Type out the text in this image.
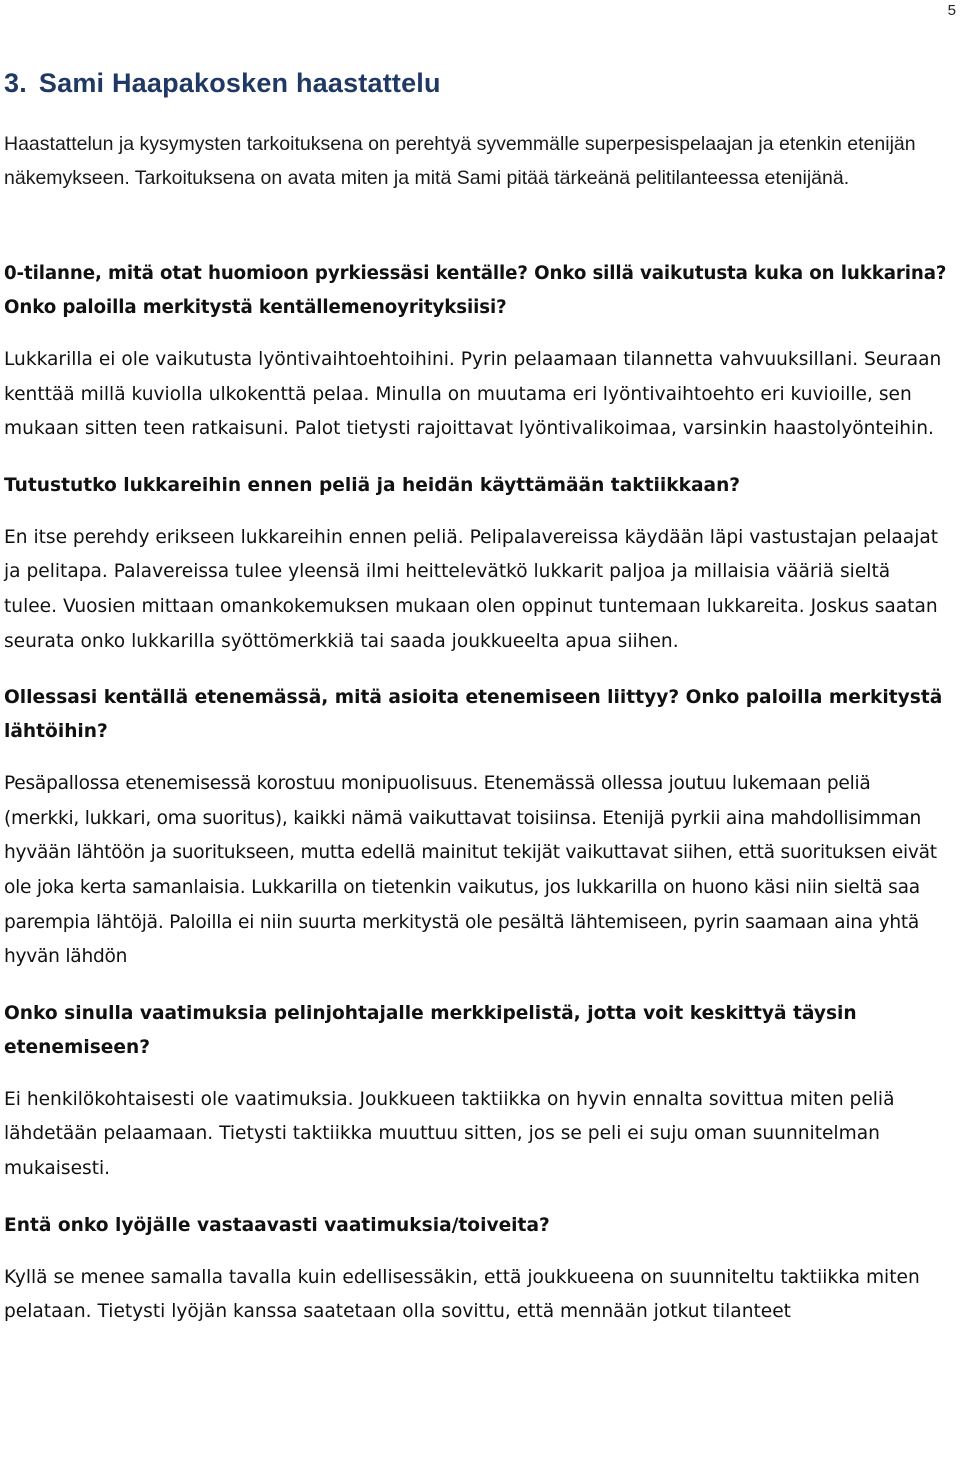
5
3. Sami Haapakosken haastattelu

Haastattelun ja kysymysten tarkoituksena on perehtyä syvemmälle superpesispelaajan ja etenkin etenijän näkemykseen. Tarkoituksena on avata miten ja mitä Sami pitää tärkeänä pelitilanteessa etenijänä.

0-tilanne, mitä otat huomioon pyrkiessäsi kentälle? Onko sillä vaikutusta kuka on lukkarina? Onko paloilla merkitystä kentällemenoyrityksiisi?

Lukkarilla ei ole vaikutusta lyöntivaihtoehtoihini. Pyrin pelaamaan tilannetta vahvuuksillani. Seuraan kenttää millä kuviolla ulkokenttä pelaa. Minulla on muutama eri lyöntivaihtoehto eri kuvioille, sen mukaan sitten teen ratkaisuni. Palot tietysti rajoittavat lyöntivalikoimaa, varsinkin haastolyönteihin.

Tutustutko lukkareihin ennen peliä ja heidän käyttämään taktiikkaan?

En itse perehdy erikseen lukkareihin ennen peliä. Pelipalavereissa käydään läpi vastustajan pelaajat ja pelitapa. Palavereissa tulee yleensä ilmi heittelevätkö lukkarit paljoa ja millaisia vääriä sieltä tulee. Vuosien mittaan omankokemuksen mukaan olen oppinut tuntemaan lukkareita. Joskus saatan seurata onko lukkarilla syöttömerkkiä tai saada joukkueelta apua siihen.

Ollessasi kentällä etenemässä, mitä asioita etenemiseen liittyy? Onko paloilla merkitystä lähtöihin?

Pesäpallossa etenemisessä korostuu monipuolisuus. Etenemässä ollessa joutuu lukemaan peliä (merkki, lukkari, oma suoritus), kaikki nämä vaikuttavat toisiinsa. Etenijä pyrkii aina mahdollisimman hyvään lähtöön ja suoritukseen, mutta edellä mainitut tekijät vaikuttavat siihen, että suorituksen eivät ole joka kerta samanlaisia. Lukkarilla on tietenkin vaikutus, jos lukkarilla on huono käsi niin sieltä saa parempia lähtöjä. Paloilla ei niin suurta merkitystä ole pesältä lähtemiseen, pyrin saamaan aina yhtä hyvän lähdön

Onko sinulla vaatimuksia pelinjohtajalle merkkipelistä, jotta voit keskittyä täysin etenemiseen?

Ei henkilökohtaisesti ole vaatimuksia. Joukkueen taktiikka on hyvin ennalta sovittua miten peliä lähdetään pelaamaan. Tietysti taktiikka muuttuu sitten, jos se peli ei suju oman suunnitelman mukaisesti.

Entä onko lyöjälle vastaavasti vaatimuksia/toiveita?

Kyllä se menee samalla tavalla kuin edellisessäkin, että joukkueena on suunniteltu taktiikka miten pelataan. Tietysti lyöjän kanssa saatetaan olla sovittu, että mennään jotkut tilanteet
